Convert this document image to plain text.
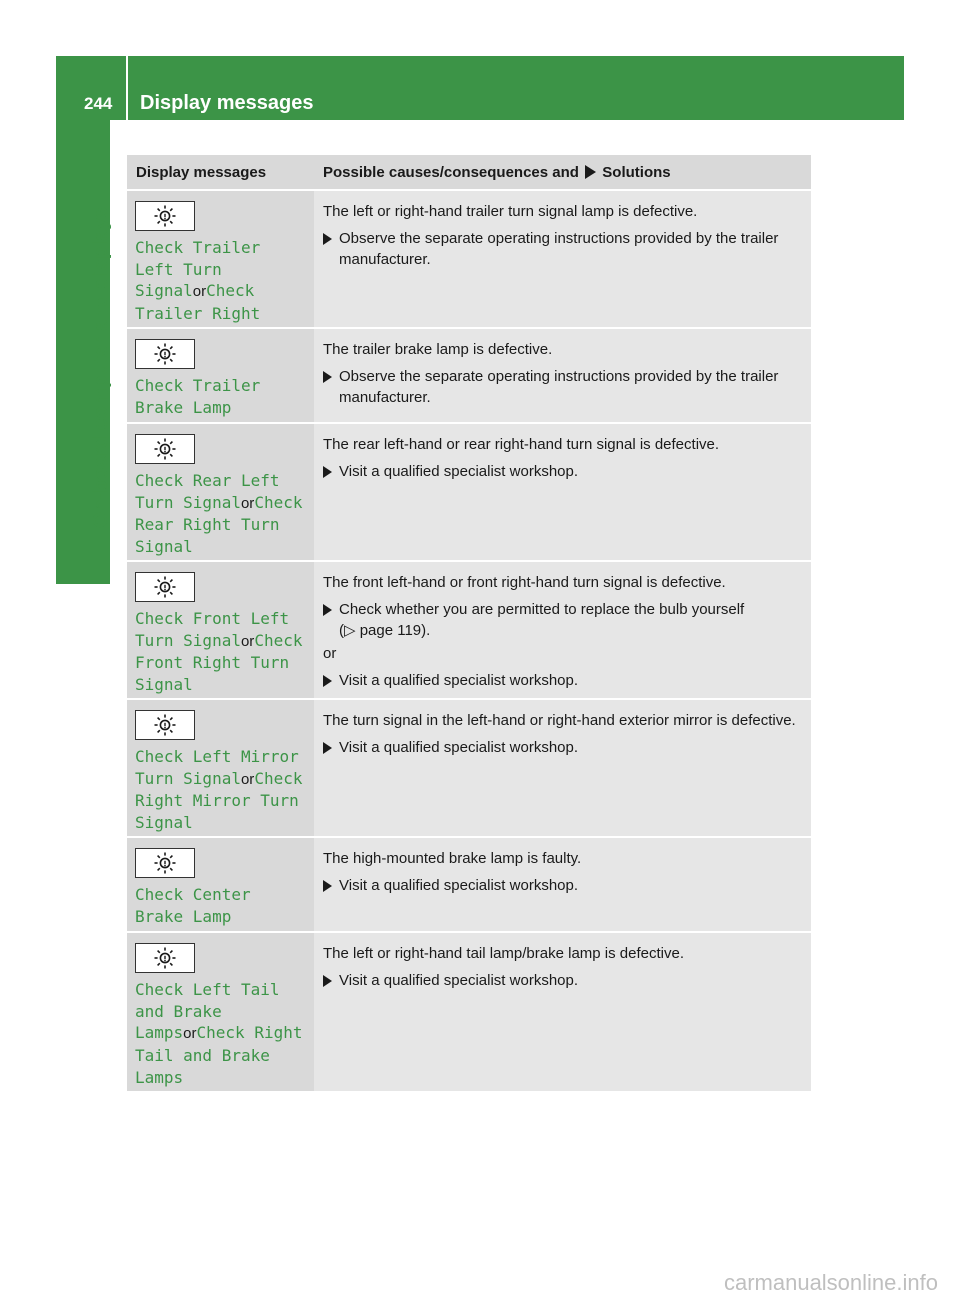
244 Display messages
On-board computer and displays
Display messages	Possible causes/consequences and Solutions
Check Trailer Left Turn SignalorCheck Trailer Right

The left or right-hand trailer turn signal lamp is defective.

Observe the separate operating instructions provided by the trailer manufacturer.
Check Trailer Brake Lamp

The trailer brake lamp is defective.

Observe the separate operating instructions provided by the trailer manufacturer.
Check Rear Left Turn SignalorCheck Rear Right Turn Signal

The rear left-hand or rear right-hand turn signal is defective.

Visit a qualified specialist workshop.
Check Front Left Turn SignalorCheck Front Right Turn Signal

The front left-hand or front right-hand turn signal is defective.

Check whether you are permitted to replace the bulb yourself
(▷ page 119).

or

Visit a qualified specialist workshop.
Check Left Mirror Turn SignalorCheck Right Mirror Turn Signal

The turn signal in the left-hand or right-hand exterior mirror is defective.

Visit a qualified specialist workshop.
Check Center Brake Lamp

The high-mounted brake lamp is faulty.

Visit a qualified specialist workshop.
Check Left Tail and Brake LampsorCheck Right Tail and Brake Lamps

The left or right-hand tail lamp/brake lamp is defective.

Visit a qualified specialist workshop.
carmanualsonline.info
